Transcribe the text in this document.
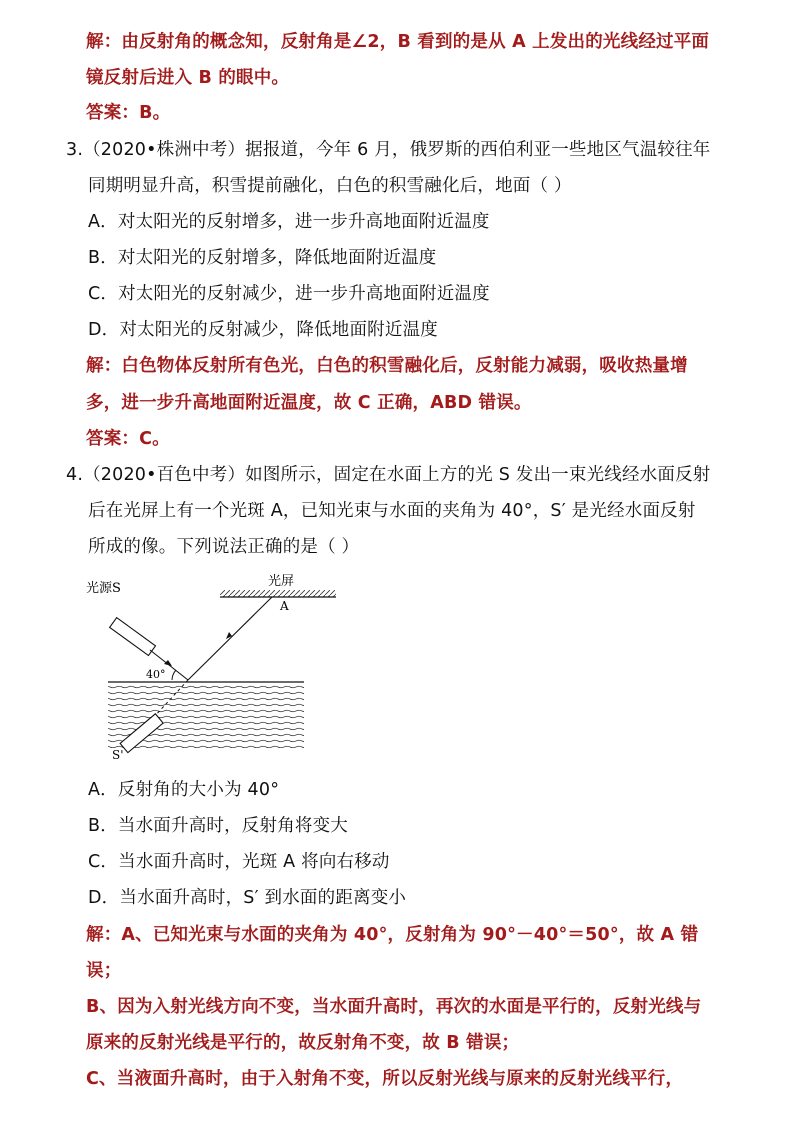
解：由反射角的概念知，反射角是∠2，B 看到的是从 A 上发出的光线经过平面
镜反射后进入 B 的眼中。
答案：B。
3.（2020•株洲中考）据报道，今年 6 月，俄罗斯的西伯利亚一些地区气温较往年
同期明显升高，积雪提前融化，白色的积雪融化后，地面（ ）
A．对太阳光的反射增多，进一步升高地面附近温度
B．对太阳光的反射增多，降低地面附近温度
C．对太阳光的反射减少，进一步升高地面附近温度
D．对太阳光的反射减少，降低地面附近温度
解：白色物体反射所有色光，白色的积雪融化后，反射能力减弱，吸收热量增
多，进一步升高地面附近温度，故 C 正确，ABD 错误。
答案：C。
4.（2020•百色中考）如图所示，固定在水面上方的光 S 发出一束光线经水面反射
后在光屏上有一个光斑 A，已知光束与水面的夹角为 40°，S′ 是光经水面反射
所成的像。下列说法正确的是（ ）
光源S	光屏
A
40°
S'
A．反射角的大小为 40°
B．当水面升高时，反射角将变大
C．当水面升高时，光斑 A 将向右移动
D．当水面升高时，S′ 到水面的距离变小
解：A、已知光束与水面的夹角为 40°，反射角为 90°－40°＝50°，故 A 错
误；
B、因为入射光线方向不变，当水面升高时，再次的水面是平行的，反射光线与
原来的反射光线是平行的，故反射角不变，故 B 错误；
C、当液面升高时，由于入射角不变，所以反射光线与原来的反射光线平行，
